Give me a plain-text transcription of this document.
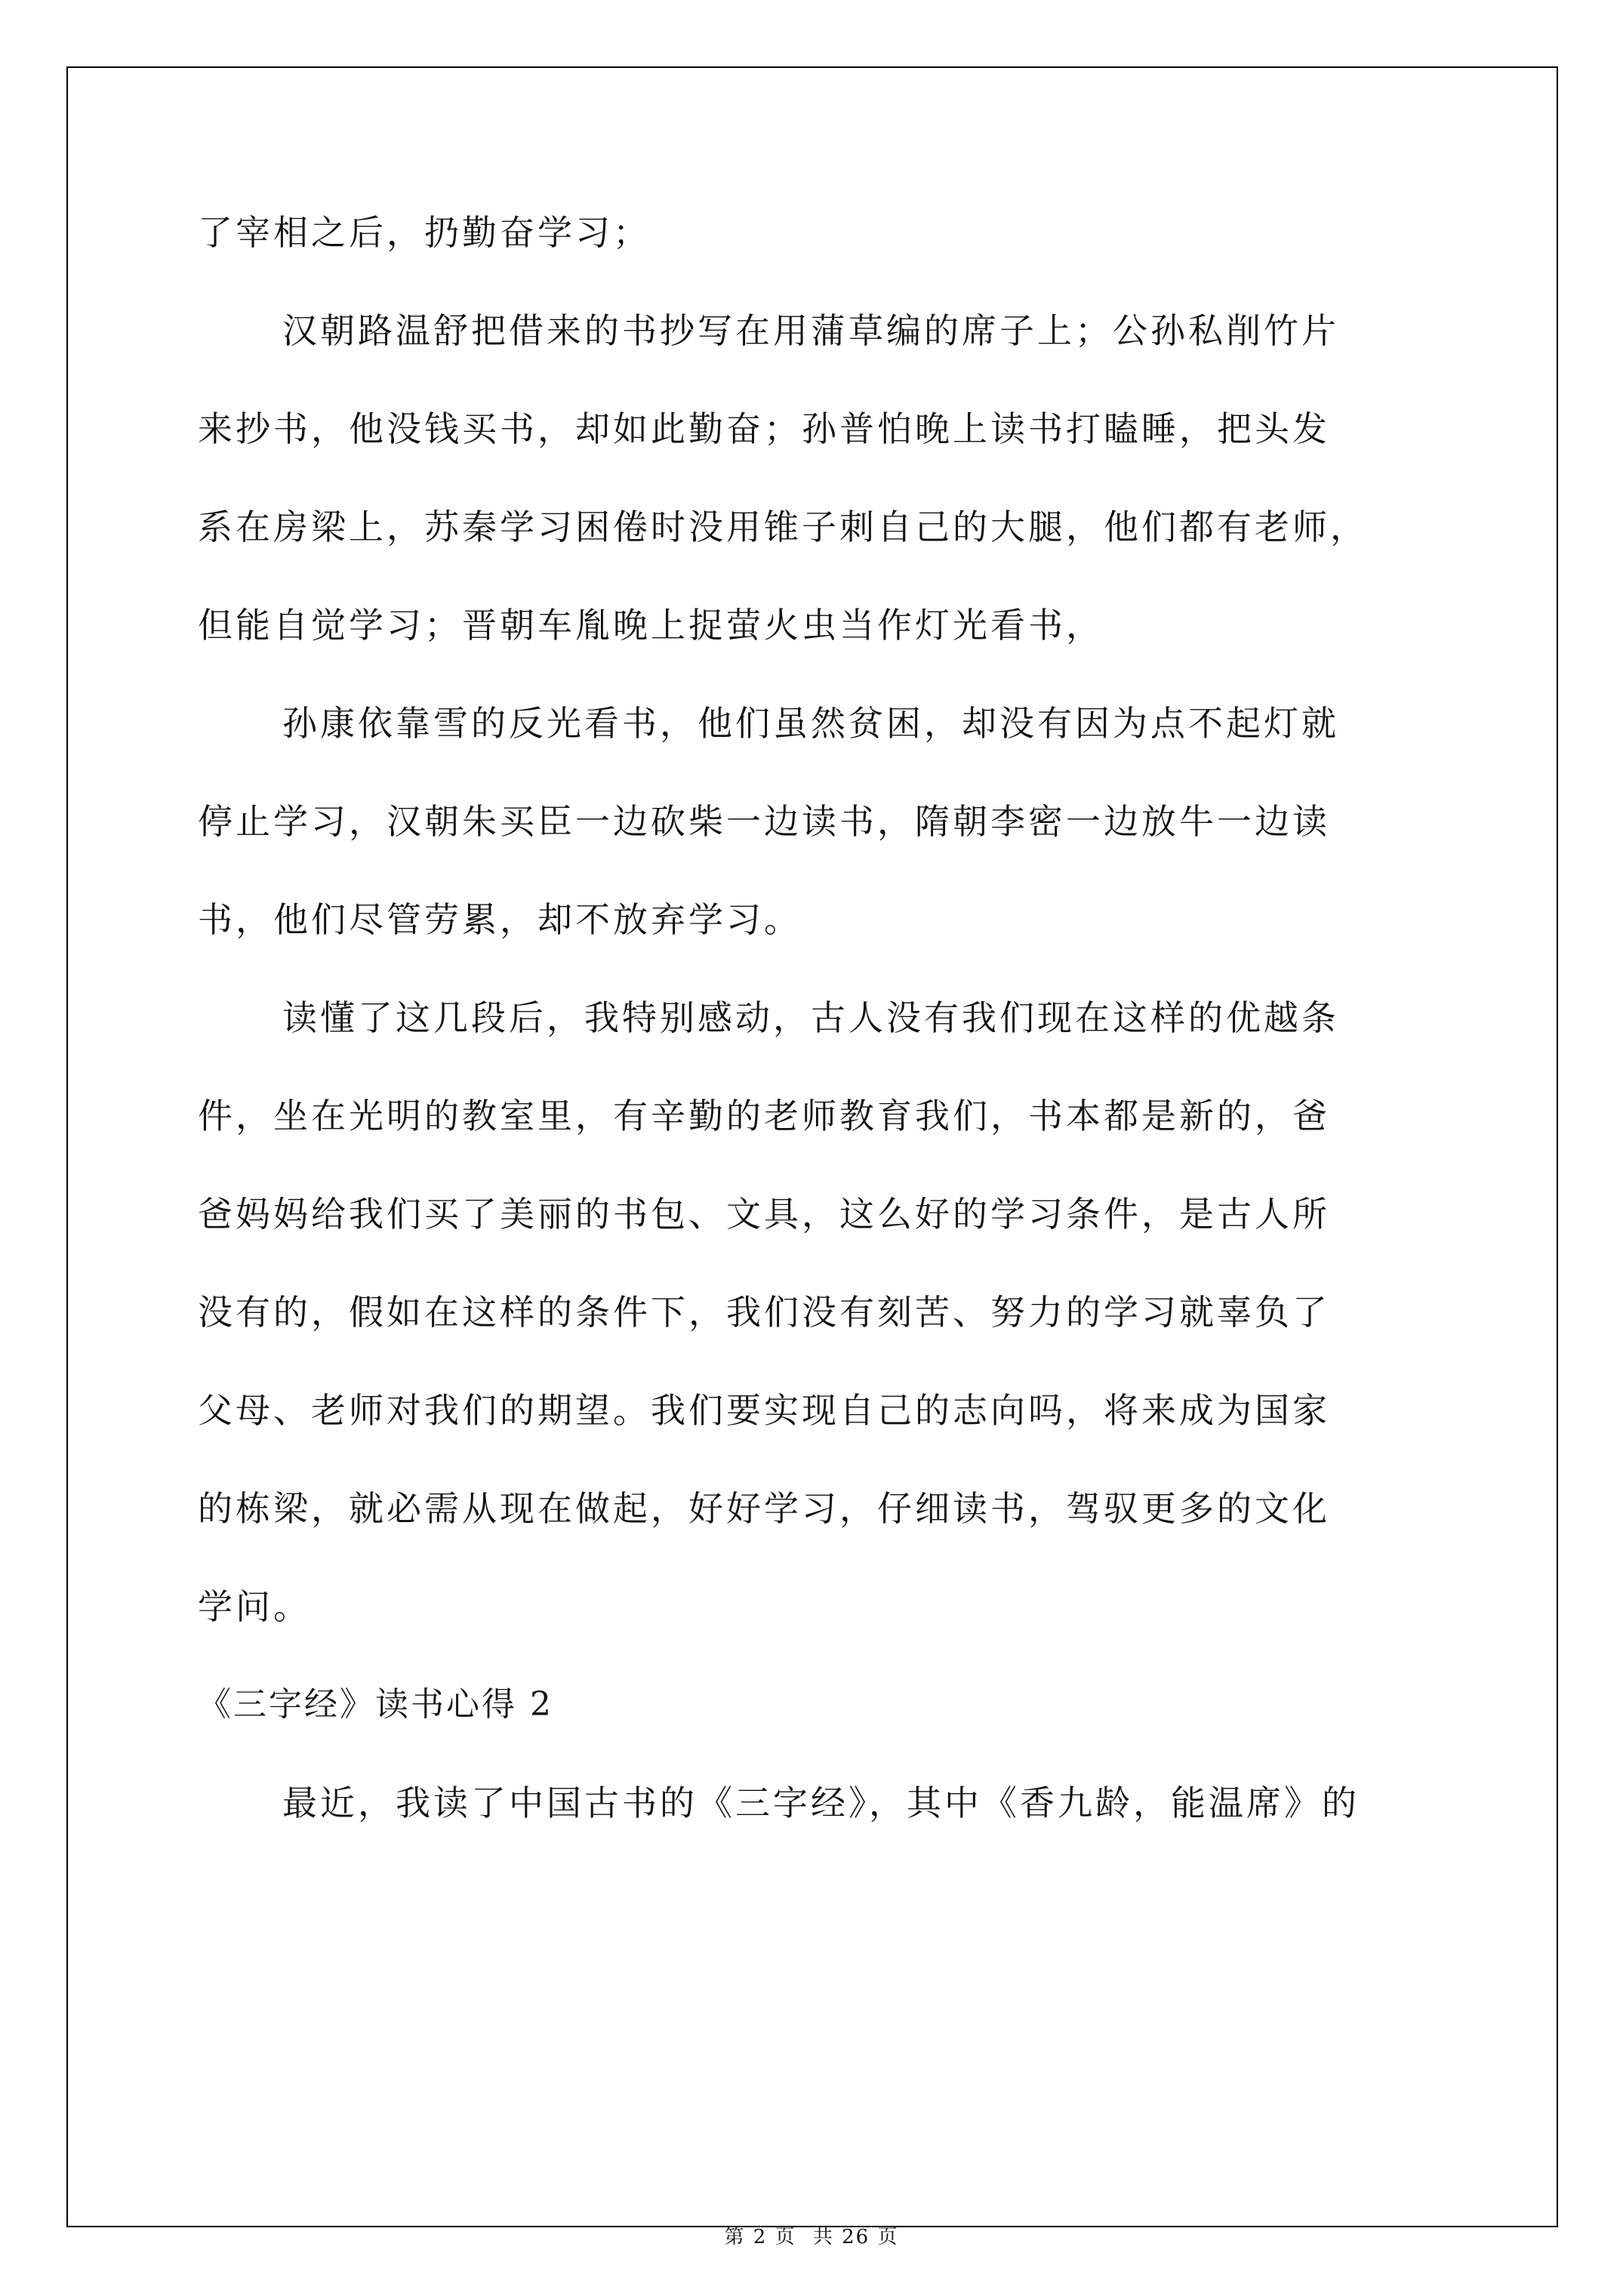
了宰相之后，扔勤奋学习；
汉朝路温舒把借来的书抄写在用蒲草编的席子上；公孙私削竹片
来抄书，他没钱买书，却如此勤奋；孙普怕晚上读书打瞌睡，把头发
系在房梁上，苏秦学习困倦时没用锥子刺自己的大腿，他们都有老师，
但能自觉学习；晋朝车胤晚上捉萤火虫当作灯光看书，
孙康依靠雪的反光看书，他们虽然贫困，却没有因为点不起灯就
停止学习，汉朝朱买臣一边砍柴一边读书，隋朝李密一边放牛一边读
书，他们尽管劳累，却不放弃学习。
读懂了这几段后，我特别感动，古人没有我们现在这样的优越条
件，坐在光明的教室里，有辛勤的老师教育我们，书本都是新的，爸
爸妈妈给我们买了美丽的书包、文具，这么好的学习条件，是古人所
没有的，假如在这样的条件下，我们没有刻苦、努力的学习就辜负了
父母、老师对我们的期望。我们要实现自己的志向吗，将来成为国家
的栋梁，就必需从现在做起，好好学习，仔细读书，驾驭更多的文化
学问。
《三字经》读书心得 2
最近，我读了中国古书的《三字经》，其中《香九龄，能温席》的
第 2 页 共 26 页
